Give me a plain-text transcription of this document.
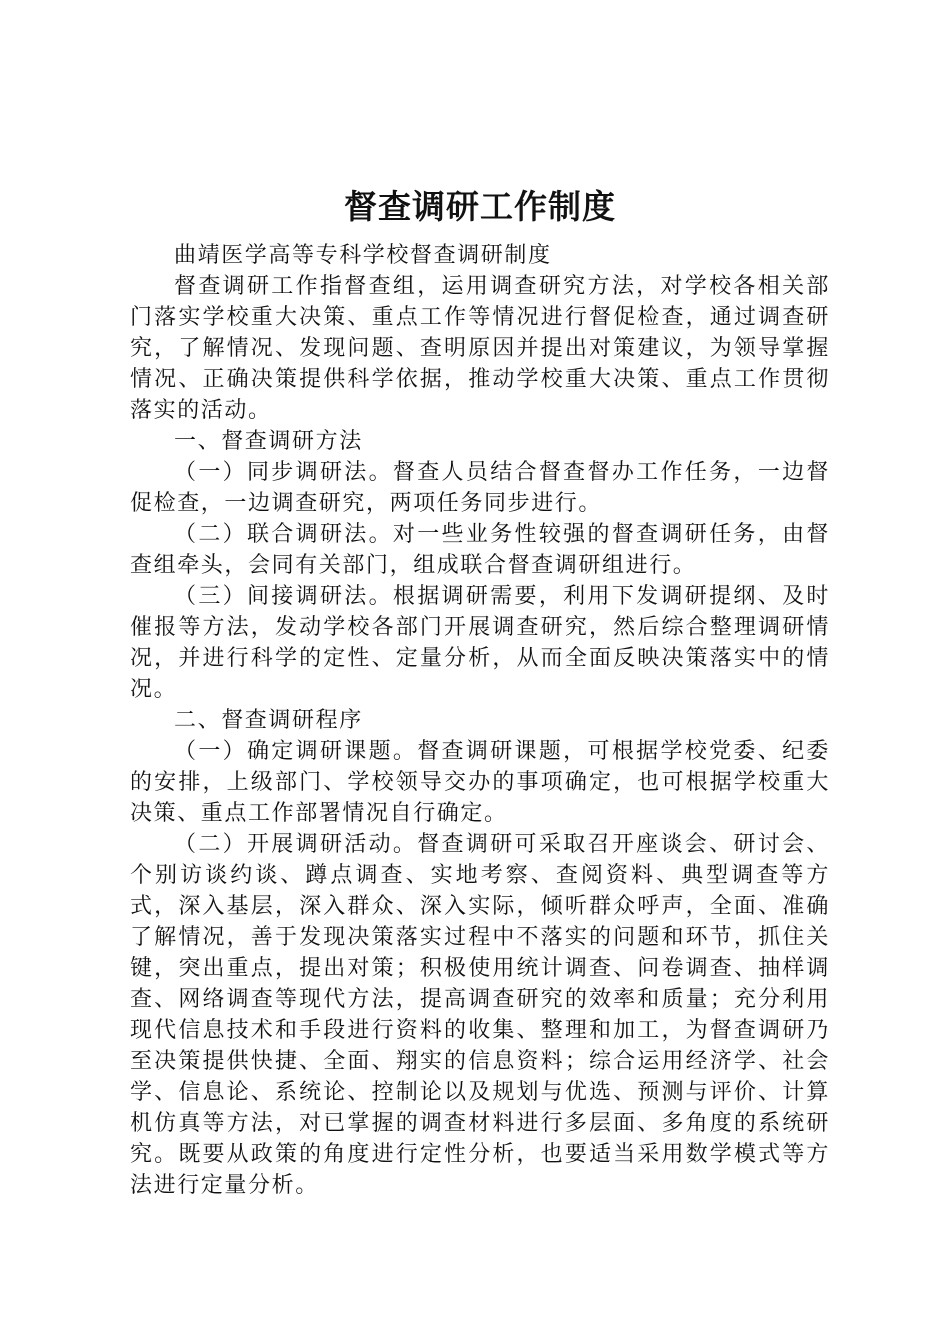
督查调研工作制度

曲靖医学高等专科学校督查调研制度

督查调研工作指督查组，运用调查研究方法，对学校各相关部门落实学校重大决策、重点工作等情况进行督促检查，通过调查研究，了解情况、发现问题、查明原因并提出对策建议，为领导掌握情况、正确决策提供科学依据，推动学校重大决策、重点工作贯彻落实的活动。

一、督查调研方法

（一）同步调研法。督查人员结合督查督办工作任务，一边督促检查，一边调查研究，两项任务同步进行。

（二）联合调研法。对一些业务性较强的督查调研任务，由督查组牵头，会同有关部门，组成联合督查调研组进行。

（三）间接调研法。根据调研需要，利用下发调研提纲、及时催报等方法，发动学校各部门开展调查研究，然后综合整理调研情况，并进行科学的定性、定量分析，从而全面反映决策落实中的情况。

二、督查调研程序

（一）确定调研课题。督查调研课题，可根据学校党委、纪委的安排，上级部门、学校领导交办的事项确定，也可根据学校重大决策、重点工作部署情况自行确定。

（二）开展调研活动。督查调研可采取召开座谈会、研讨会、个别访谈约谈、蹲点调查、实地考察、查阅资料、典型调查等方式，深入基层，深入群众、深入实际，倾听群众呼声，全面、准确了解情况，善于发现决策落实过程中不落实的问题和环节，抓住关键，突出重点，提出对策；积极使用统计调查、问卷调查、抽样调查、网络调查等现代方法，提高调查研究的效率和质量；充分利用现代信息技术和手段进行资料的收集、整理和加工，为督查调研乃至决策提供快捷、全面、翔实的信息资料；综合运用经济学、社会学、信息论、系统论、控制论以及规划与优选、预测与评价、计算机仿真等方法，对已掌握的调查材料进行多层面、多角度的系统研究。既要从政策的角度进行定性分析，也要适当采用数学模式等方法进行定量分析。
